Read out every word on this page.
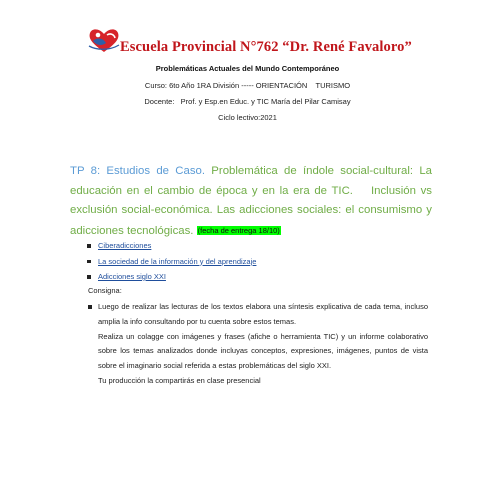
Escuela Provincial N°762 “Dr. René Favaloro”
Problemáticas Actuales del Mundo Contemporáneo
Curso: 6to Año 1RA División ----- ORIENTACIÓN    TURISMO
Docente:   Prof. y Esp.en Educ. y TIC María del Pilar Camisay
Ciclo lectivo:2021
TP 8: Estudios de Caso. Problemática de índole social-cultural: La educación en el cambio de época y en la era de TIC. Inclusión vs exclusión social-económica. Las adicciones sociales: el consumismo y adicciones tecnológicas. (fecha de entrega 18/10)
Ciberadicciones
La sociedad de la información y del aprendizaje
Adicciones siglo XXI
Consigna:

Luego de realizar las lecturas de los textos elabora una síntesis explicativa de cada tema, incluso amplia la info consultando por tu cuenta sobre estos temas.

Realiza un colagge con imágenes y frases (afiche o herramienta TIC) y un informe colaborativo sobre los temas analizados donde incluyas conceptos, expresiones, imágenes, puntos de vista sobre el imaginario social referida a estas problemáticas del siglo XXI.

Tu producción la compartirás en clase presencial
